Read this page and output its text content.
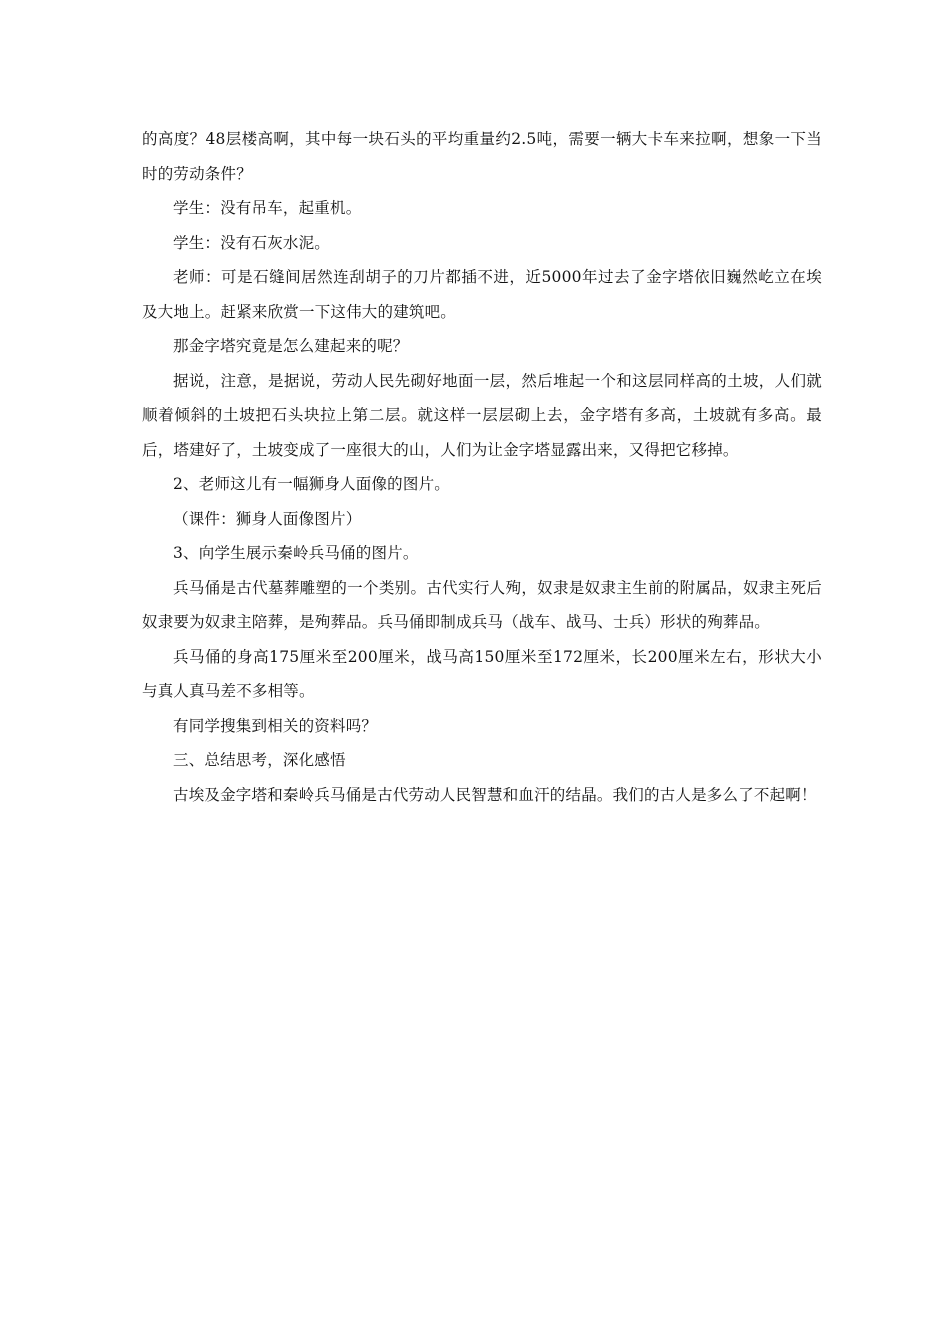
的高度？48层楼高啊，其中每一块石头的平均重量约2.5吨，需要一辆大卡车来拉啊，想象一下当时的劳动条件？

学生：没有吊车，起重机。

学生：没有石灰水泥。

老师：可是石缝间居然连刮胡子的刀片都插不进，近5000年过去了金字塔依旧巍然屹立在埃及大地上。赶紧来欣赏一下这伟大的建筑吧。

那金字塔究竟是怎么建起来的呢？

据说，注意，是据说，劳动人民先砌好地面一层，然后堆起一个和这层同样高的土坡，人们就顺着倾斜的土坡把石头块拉上第二层。就这样一层层砌上去，金字塔有多高，土坡就有多高。最后，塔建好了，土坡变成了一座很大的山，人们为让金字塔显露出来，又得把它移掉。

2、老师这儿有一幅狮身人面像的图片。

（课件：狮身人面像图片）

3、向学生展示秦岭兵马俑的图片。

兵马俑是古代墓葬雕塑的一个类别。古代实行人殉，奴隶是奴隶主生前的附属品，奴隶主死后奴隶要为奴隶主陪葬，是殉葬品。兵马俑即制成兵马（战车、战马、士兵）形状的殉葬品。

兵马俑的身高175厘米至200厘米，战马高150厘米至172厘米，长200厘米左右，形状大小与真人真马差不多相等。

有同学搜集到相关的资料吗？

三、总结思考，深化感悟

古埃及金字塔和秦岭兵马俑是古代劳动人民智慧和血汗的结晶。我们的古人是多么了不起啊！
